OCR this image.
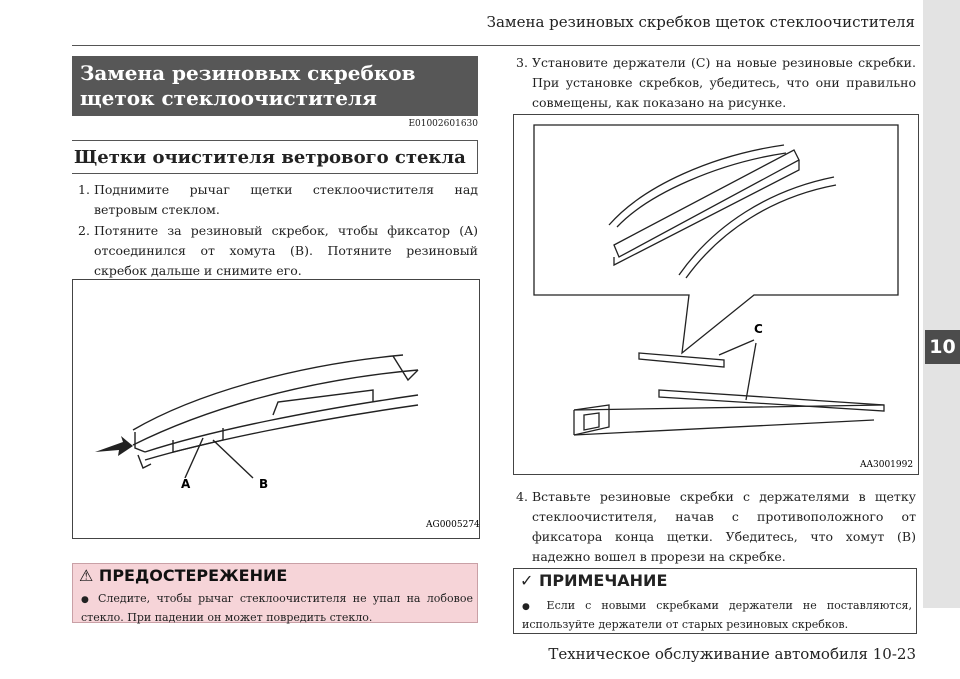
Замена резиновых скребков щеток стеклоочистителя
10
Замена резиновых скребков щеток стеклоочистителя
E01002601630
Щетки очистителя ветрового стекла
1. Поднимите рычаг щетки стеклоочистителя над ветровым стеклом.
2. Потяните за резиновый скребок, чтобы фиксатор (A) отсоединился от хомута (B). Потяните резиновый скребок дальше и снимите его.
A	B
AG0005274
⚠ ПРЕДОСТЕРЕЖЕНИЕ
● Следите, чтобы рычаг стеклоочистителя не упал на лобовое стекло. При падении он может повредить стекло.
3. Установите держатели (C) на новые резиновые скребки. При установке скребков, убедитесь, что они правильно совмещены, как показано на рисунке.
C
AA3001992
4. Вставьте резиновые скребки с держателями в щетку стеклоочистителя, начав с противоположного от фиксатора конца щетки. Убедитесь, что хомут (B) надежно вошел в прорези на скребке.
✓ ПРИМЕЧАНИЕ
● Если с новыми скребками держатели не поставляются, используйте держатели от старых резиновых скребков.
Техническое обслуживание автомобиля 10-23
